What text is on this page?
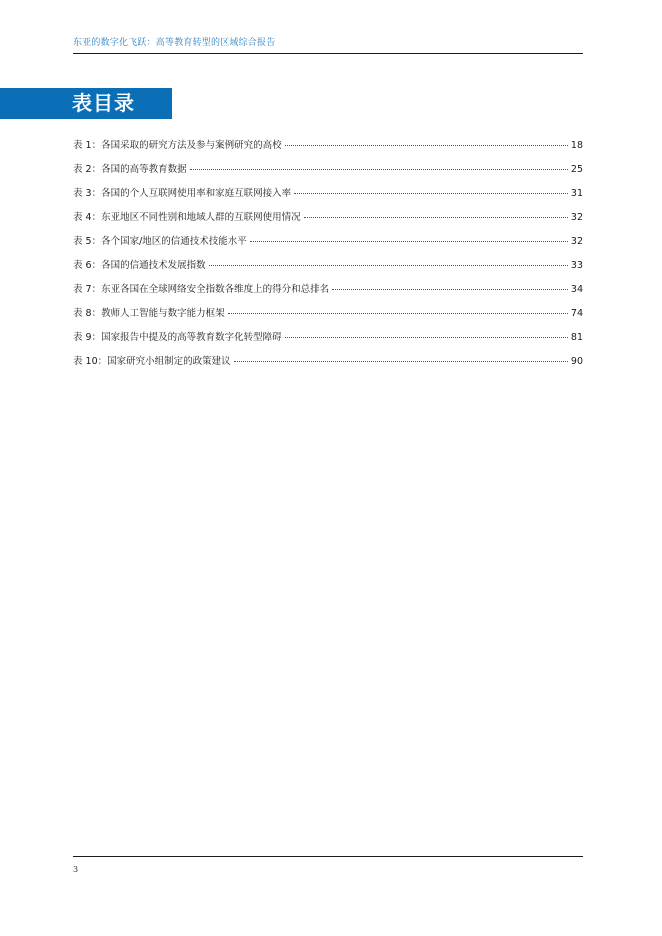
东亚的数字化飞跃：高等教育转型的区域综合报告
表目录
表 1：各国采取的研究方法及参与案例研究的高校	18
表 2：各国的高等教育数据	25
表 3：各国的个人互联网使用率和家庭互联网接入率	31
表 4：东亚地区不同性别和地域人群的互联网使用情况	32
表 5：各个国家/地区的信通技术技能水平	32
表 6：各国的信通技术发展指数	33
表 7：东亚各国在全球网络安全指数各维度上的得分和总排名	34
表 8：教师人工智能与数字能力框架	74
表 9：国家报告中提及的高等教育数字化转型障碍	81
表 10：国家研究小组制定的政策建议	90
3
